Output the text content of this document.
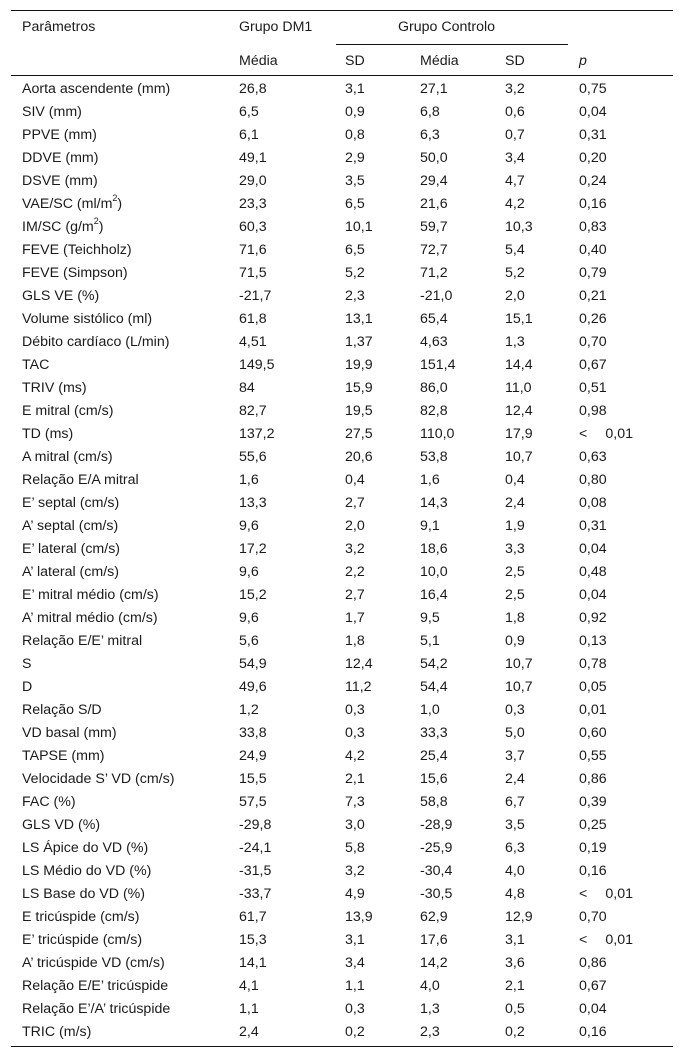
Parâmetros	Grupo DM1	Grupo Controlo
Média	SD	Média	SD	p
Aorta ascendente (mm)	26,8	3,1	27,1	3,2	0,75
SIV (mm)	6,5	0,9	6,8	0,6	0,04
PPVE (mm)	6,1	0,8	6,3	0,7	0,31
DDVE (mm)	49,1	2,9	50,0	3,4	0,20
DSVE (mm)	29,0	3,5	29,4	4,7	0,24
VAE/SC $(ml/m^2)$	23,3	6,5	21,6	4,2	0,16
IM/SC $(g/m^2)$	60,3	10,1	59,7	10,3	0,83
FEVE (Teichholz)	71,6	6,5	72,7	5,4	0,40
FEVE (Simpson)	71,5	5,2	71,2	5,2	0,79
GLS VE (%)	-21,7	2,3	-21,0	2,0	0,21
Volume sistólico (ml)	61,8	13,1	65,4	15,1	0,26
Débito cardíaco (L/min)	4,51	1,37	4,63	1,3	0,70
TAC	149,5	19,9	151,4	14,4	0,67
TRIV (ms)	84	15,9	86,0	11,0	0,51
E mitral (cm/s)	82,7	19,5	82,8	12,4	0,98
TD (ms)	137,2	27,5	110,0	17,9	<  0,01
A mitral (cm/s)	55,6	20,6	53,8	10,7	0,63
Relação E/A mitral	1,6	0,4	1,6	0,4	0,80
E’ septal (cm/s)	13,3	2,7	14,3	2,4	0,08
A’ septal (cm/s)	9,6	2,0	9,1	1,9	0,31
E’ lateral (cm/s)	17,2	3,2	18,6	3,3	0,04
A’ lateral (cm/s)	9,6	2,2	10,0	2,5	0,48
E’ mitral médio (cm/s)	15,2	2,7	16,4	2,5	0,04
A’ mitral médio (cm/s)	9,6	1,7	9,5	1,8	0,92
Relação E/E’ mitral	5,6	1,8	5,1	0,9	0,13
S	54,9	12,4	54,2	10,7	0,78
D	49,6	11,2	54,4	10,7	0,05
Relação S/D	1,2	0,3	1,0	0,3	0,01
VD basal (mm)	33,8	0,3	33,3	5,0	0,60
TAPSE (mm)	24,9	4,2	25,4	3,7	0,55
Velocidade S’ VD (cm/s)	15,5	2,1	15,6	2,4	0,86
FAC (%)	57,5	7,3	58,8	6,7	0,39
GLS VD (%)	-29,8	3,0	-28,9	3,5	0,25
LS Ápice do VD (%)	-24,1	5,8	-25,9	6,3	0,19
LS Médio do VD (%)	-31,5	3,2	-30,4	4,0	0,16
LS Base do VD (%)	-33,7	4,9	-30,5	4,8	<  0,01
E tricúspide (cm/s)	61,7	13,9	62,9	12,9	0,70
E’ tricúspide (cm/s)	15,3	3,1	17,6	3,1	<  0,01
A’ tricúspide VD (cm/s)	14,1	3,4	14,2	3,6	0,86
Relação E/E’ tricúspide	4,1	1,1	4,0	2,1	0,67
Relação E’/A’ tricúspide	1,1	0,3	1,3	0,5	0,04
TRIC (m/s)	2,4	0,2	2,3	0,2	0,16
